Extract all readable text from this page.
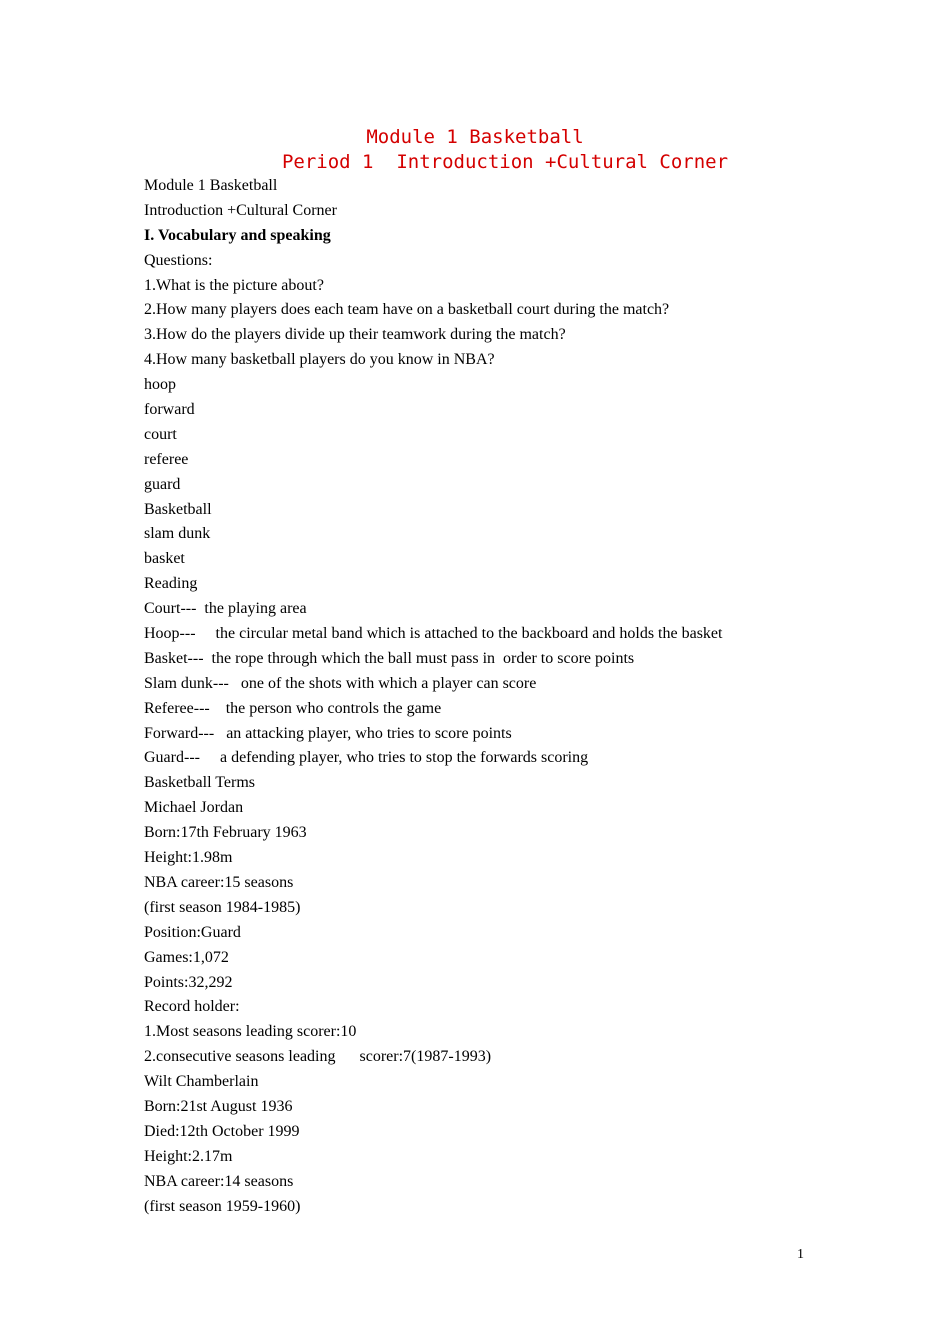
Module 1 Basketball
Period 1  Introduction +Cultural Corner
Module 1 Basketball
Introduction +Cultural Corner
I. Vocabulary and speaking
Questions:
1.What is the picture about?
2.How many players does each team have on a basketball court during the match?
3.How do the players divide up their teamwork during the match?
4.How many basketball players do you know in NBA?
hoop
forward
court
referee
guard
Basketball
slam dunk
basket
Reading
Court---  the playing area
Hoop---     the circular metal band which is attached to the backboard and holds the basket
Basket---  the rope through which the ball must pass in  order to score points
Slam dunk---   one of the shots with which a player can score
Referee---    the person who controls the game
Forward---   an attacking player, who tries to score points
Guard---     a defending player, who tries to stop the forwards scoring
Basketball Terms
Michael Jordan
Born:17th February 1963
Height:1.98m
NBA career:15 seasons
(first season 1984-1985)
Position:Guard
Games:1,072
Points:32,292
Record holder:
1.Most seasons leading scorer:10
2.consecutive seasons leading      scorer:7(1987-1993)
Wilt Chamberlain
Born:21st August 1936
Died:12th October 1999
Height:2.17m
NBA career:14 seasons
(first season 1959-1960)
1
